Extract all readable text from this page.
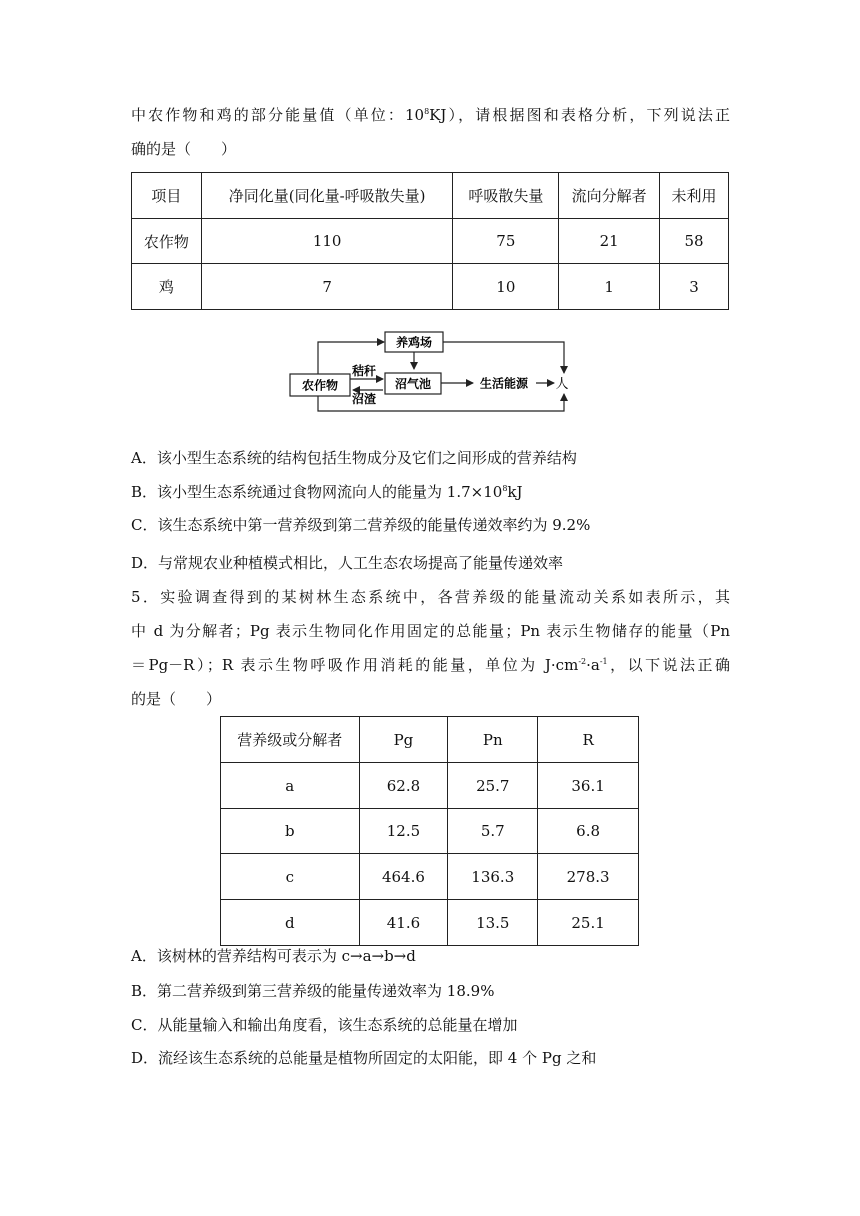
中农作物和鸡的部分能量值（单位：$10^8KJ$），请根据图和表格分析，下列说法正
确的是（　　）
项目	净同化量(同化量-呼吸散失量)	呼吸散失量	流向分解者	未利用
农作物	110	75	21	58
鸡	7	10	1	3
养鸡场
农作物	沼气池
秸秆
沼渣
生活能源 人
A．该小型生态系统的结构包括生物成分及它们之间形成的营养结构
B．该小型生态系统通过食物网流向人的能量为 $1.7\times 10^8kJ$
C．该生态系统中第一营养级到第二营养级的能量传递效率约为 9.2%
D．与常规农业种植模式相比，人工生态农场提高了能量传递效率
5．实验调查得到的某树林生态系统中，各营养级的能量流动关系如表所示，其
中 d 为分解者；Pg 表示生物同化作用固定的总能量；Pn 表示生物储存的能量（Pn
＝Pg－R）；R 表示生物呼吸作用消耗的能量，单位为 $J\cdot cm^{-2}\cdot a^{-1}$，以下说法正确
的是（　　）
营养级或分解者	Pg	Pn	R
a	62.8	25.7	36.1
b	12.5	5.7	6.8
c	464.6	136.3	278.3
d	41.6	13.5	25.1
A．该树林的营养结构可表示为 c→a→b→d
B．第二营养级到第三营养级的能量传递效率为 18.9%
C．从能量输入和输出角度看，该生态系统的总能量在增加
D．流经该生态系统的总能量是植物所固定的太阳能，即 4 个 Pg 之和
